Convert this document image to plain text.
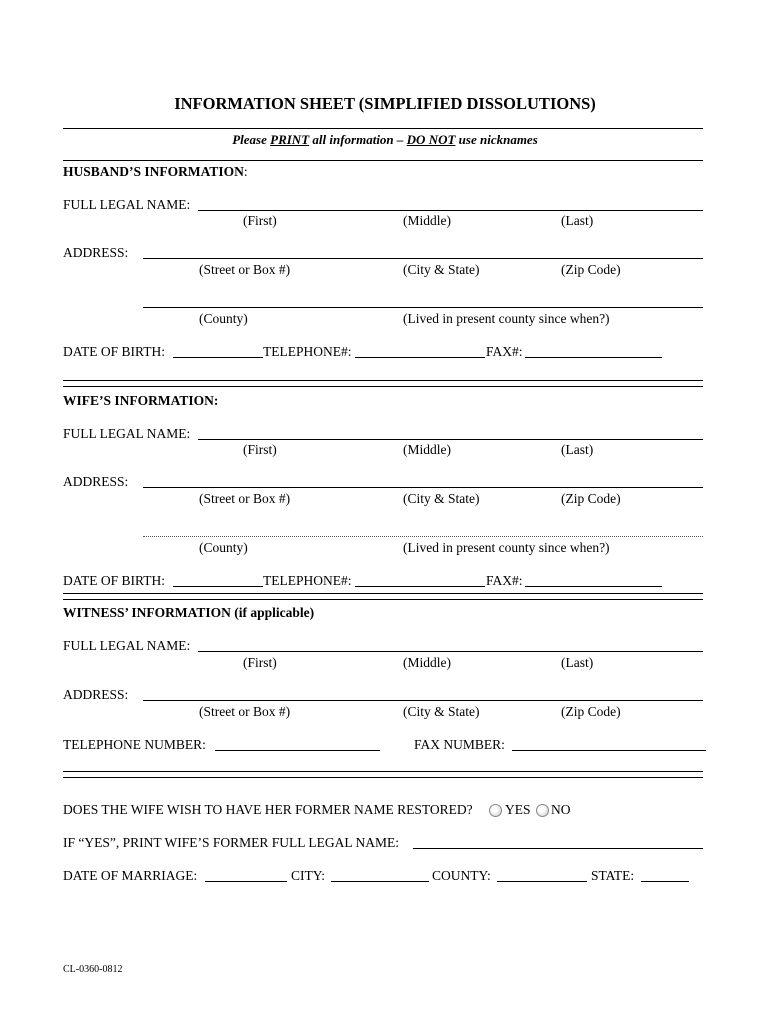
INFORMATION SHEET (SIMPLIFIED DISSOLUTIONS)
Please PRINT all information – DO NOT use nicknames
HUSBAND’S INFORMATION:
FULL LEGAL NAME:
(First)	(Middle)	(Last)
ADDRESS:
(Street or Box #)	(City & State)	(Zip Code)
(County)	(Lived in present county since when?)
DATE OF BIRTH:	TELEPHONE#:	FAX#:
WIFE’S INFORMATION:
FULL LEGAL NAME:
(First)	(Middle)	(Last)
ADDRESS:
(Street or Box #)	(City & State)	(Zip Code)
(County)	(Lived in present county since when?)
DATE OF BIRTH:	TELEPHONE#:	FAX#:
WITNESS’ INFORMATION (if applicable)
FULL LEGAL NAME:
(First)	(Middle)	(Last)
ADDRESS:
(Street or Box #)	(City & State)	(Zip Code)
TELEPHONE NUMBER:	FAX NUMBER:
DOES THE WIFE WISH TO HAVE HER FORMER NAME RESTORED? YES NO
IF “YES”, PRINT WIFE’S FORMER FULL LEGAL NAME:
DATE OF MARRIAGE:	CITY:	COUNTY:	STATE:
CL-0360-0812
